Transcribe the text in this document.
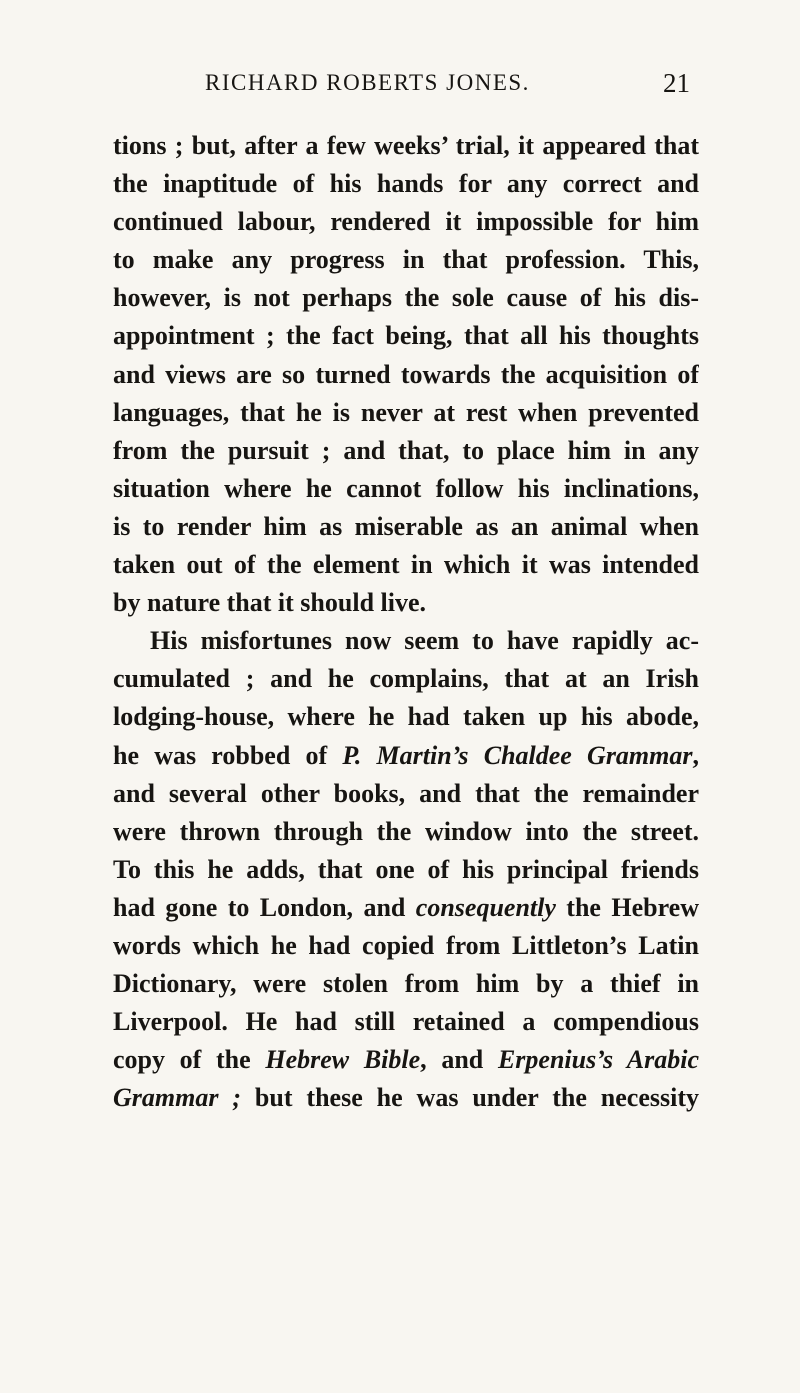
RICHARD ROBERTS JONES.	21
tions ; but, after a few weeks’ trial, it appeared that
the inaptitude of his hands for any correct and
continued labour, rendered it impossible for him
to make any progress in that profession. This,
however, is not perhaps the sole cause of his dis-
appointment ; the fact being, that all his thoughts
and views are so turned towards the acquisition of
languages, that he is never at rest when prevented
from the pursuit ; and that, to place him in any
situation where he cannot follow his inclinations,
is to render him as miserable as an animal when
taken out of the element in which it was intended
by nature that it should live.
His misfortunes now seem to have rapidly ac-
cumulated ; and he complains, that at an Irish
lodging-house, where he had taken up his abode,
he was robbed of P. Martin’s Chaldee Grammar,
and several other books, and that the remainder
were thrown through the window into the street.
To this he adds, that one of his principal friends
had gone to London, and consequently the Hebrew
words which he had copied from Littleton’s Latin
Dictionary, were stolen from him by a thief in
Liverpool. He had still retained a compendious
copy of the Hebrew Bible, and Erpenius’s Arabic
Grammar ; but these he was under the necessity
